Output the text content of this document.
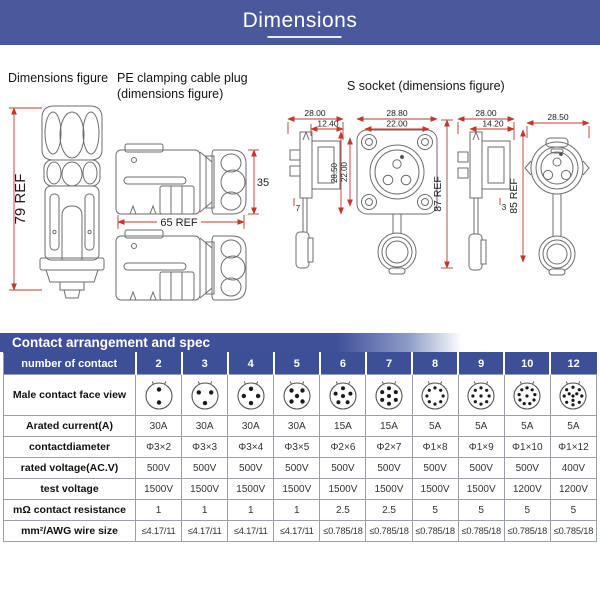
Dimensions
Dimensions figure PE clamping cable plug
(dimensions figure)
S socket (dimensions figure)
79 REF	35
65 REF
28.00
12.40
7
28.80
22.00
28.50 22.00
87 REF
28.00
14.20
3
28.50
85 REF
Contact arrangement and spec
number of contact	2	3	4	5	6	7	8	9	10	12
Male contact face view	

Arated current(A)	30A	30A	30A	30A	15A	15A	5A	5A	5A	5A
contactdiameter	Φ3×2	Φ3×3	Φ3×4	Φ3×5	Φ2×6	Φ2×7	Φ1×8	Φ1×9	Φ1×10	Φ1×12
rated voltage(AC.V)	500V	500V	500V	500V	500V	500V	500V	500V	500V	400V
test voltage	1500V	1500V	1500V	1500V	1500V	1500V	1500V	1500V	1200V	1200V
mΩ contact resistance	1	1	1	1	2.5	2.5	5	5	5	5
mm²/AWG wire size	≤4.17/11	≤4.17/11	≤4.17/11	≤4.17/11	≤0.785/18	≤0.785/18	≤0.785/18	≤0.785/18	≤0.785/18	≤0.785/18
